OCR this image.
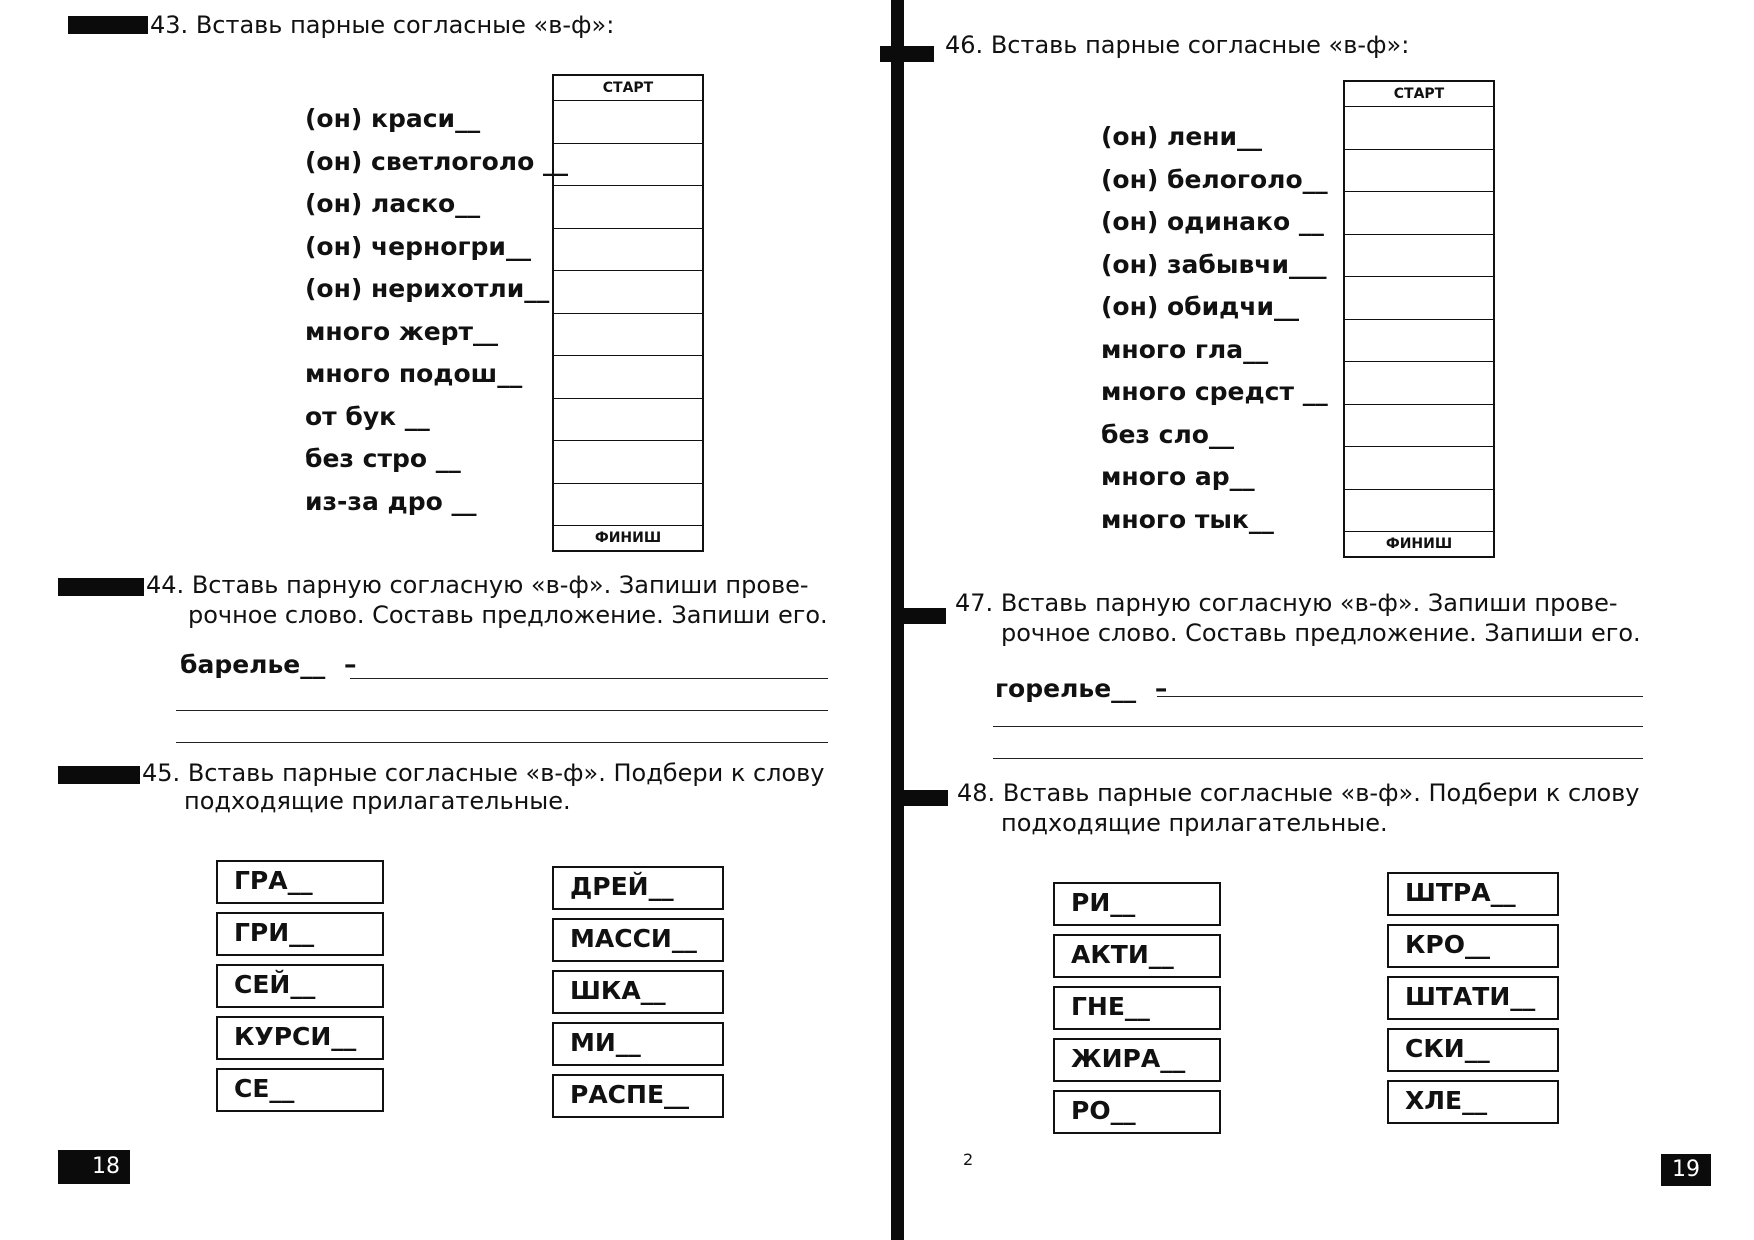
43. Вставь парные согласные «в-ф»:
(он) краси__
(он) светлоголо __
(он) ласко__
(он) черногри__
(он) нерихотли__
много жерт__
много подош__
от бук __
без стро __
из-за дро __
СТАРТ
ФИНИШ
44. Вставь парную согласную «в-ф». Запиши прове-
рочное слово. Составь предложение. Запиши его.
барелье__ –
45. Вставь парные согласные «в-ф». Подбери к слову
подходящие прилагательные.
ГРА__
ГРИ__
СЕЙ__
КУРСИ__
СЕ__
ДРЕЙ__
МАССИ__
ШКА__
МИ__
РАСПЕ__
18
46. Вставь парные согласные «в-ф»:
(он) лени__
(он) белоголо__
(он) одинако __
(он) забывчи___
(он) обидчи__
много гла__
много средст __
без сло__
много ар__
много тык__
СТАРТ
ФИНИШ
47. Вставь парную согласную «в-ф». Запиши прове-
рочное слово. Составь предложение. Запиши его.
горелье__ –
48. Вставь парные согласные «в-ф». Подбери к слову
подходящие прилагательные.
РИ__
АКТИ__
ГНЕ__
ЖИРА__
РО__
ШТРА__
КРО__
ШТАТИ__
СКИ__
ХЛЕ__
2	19
